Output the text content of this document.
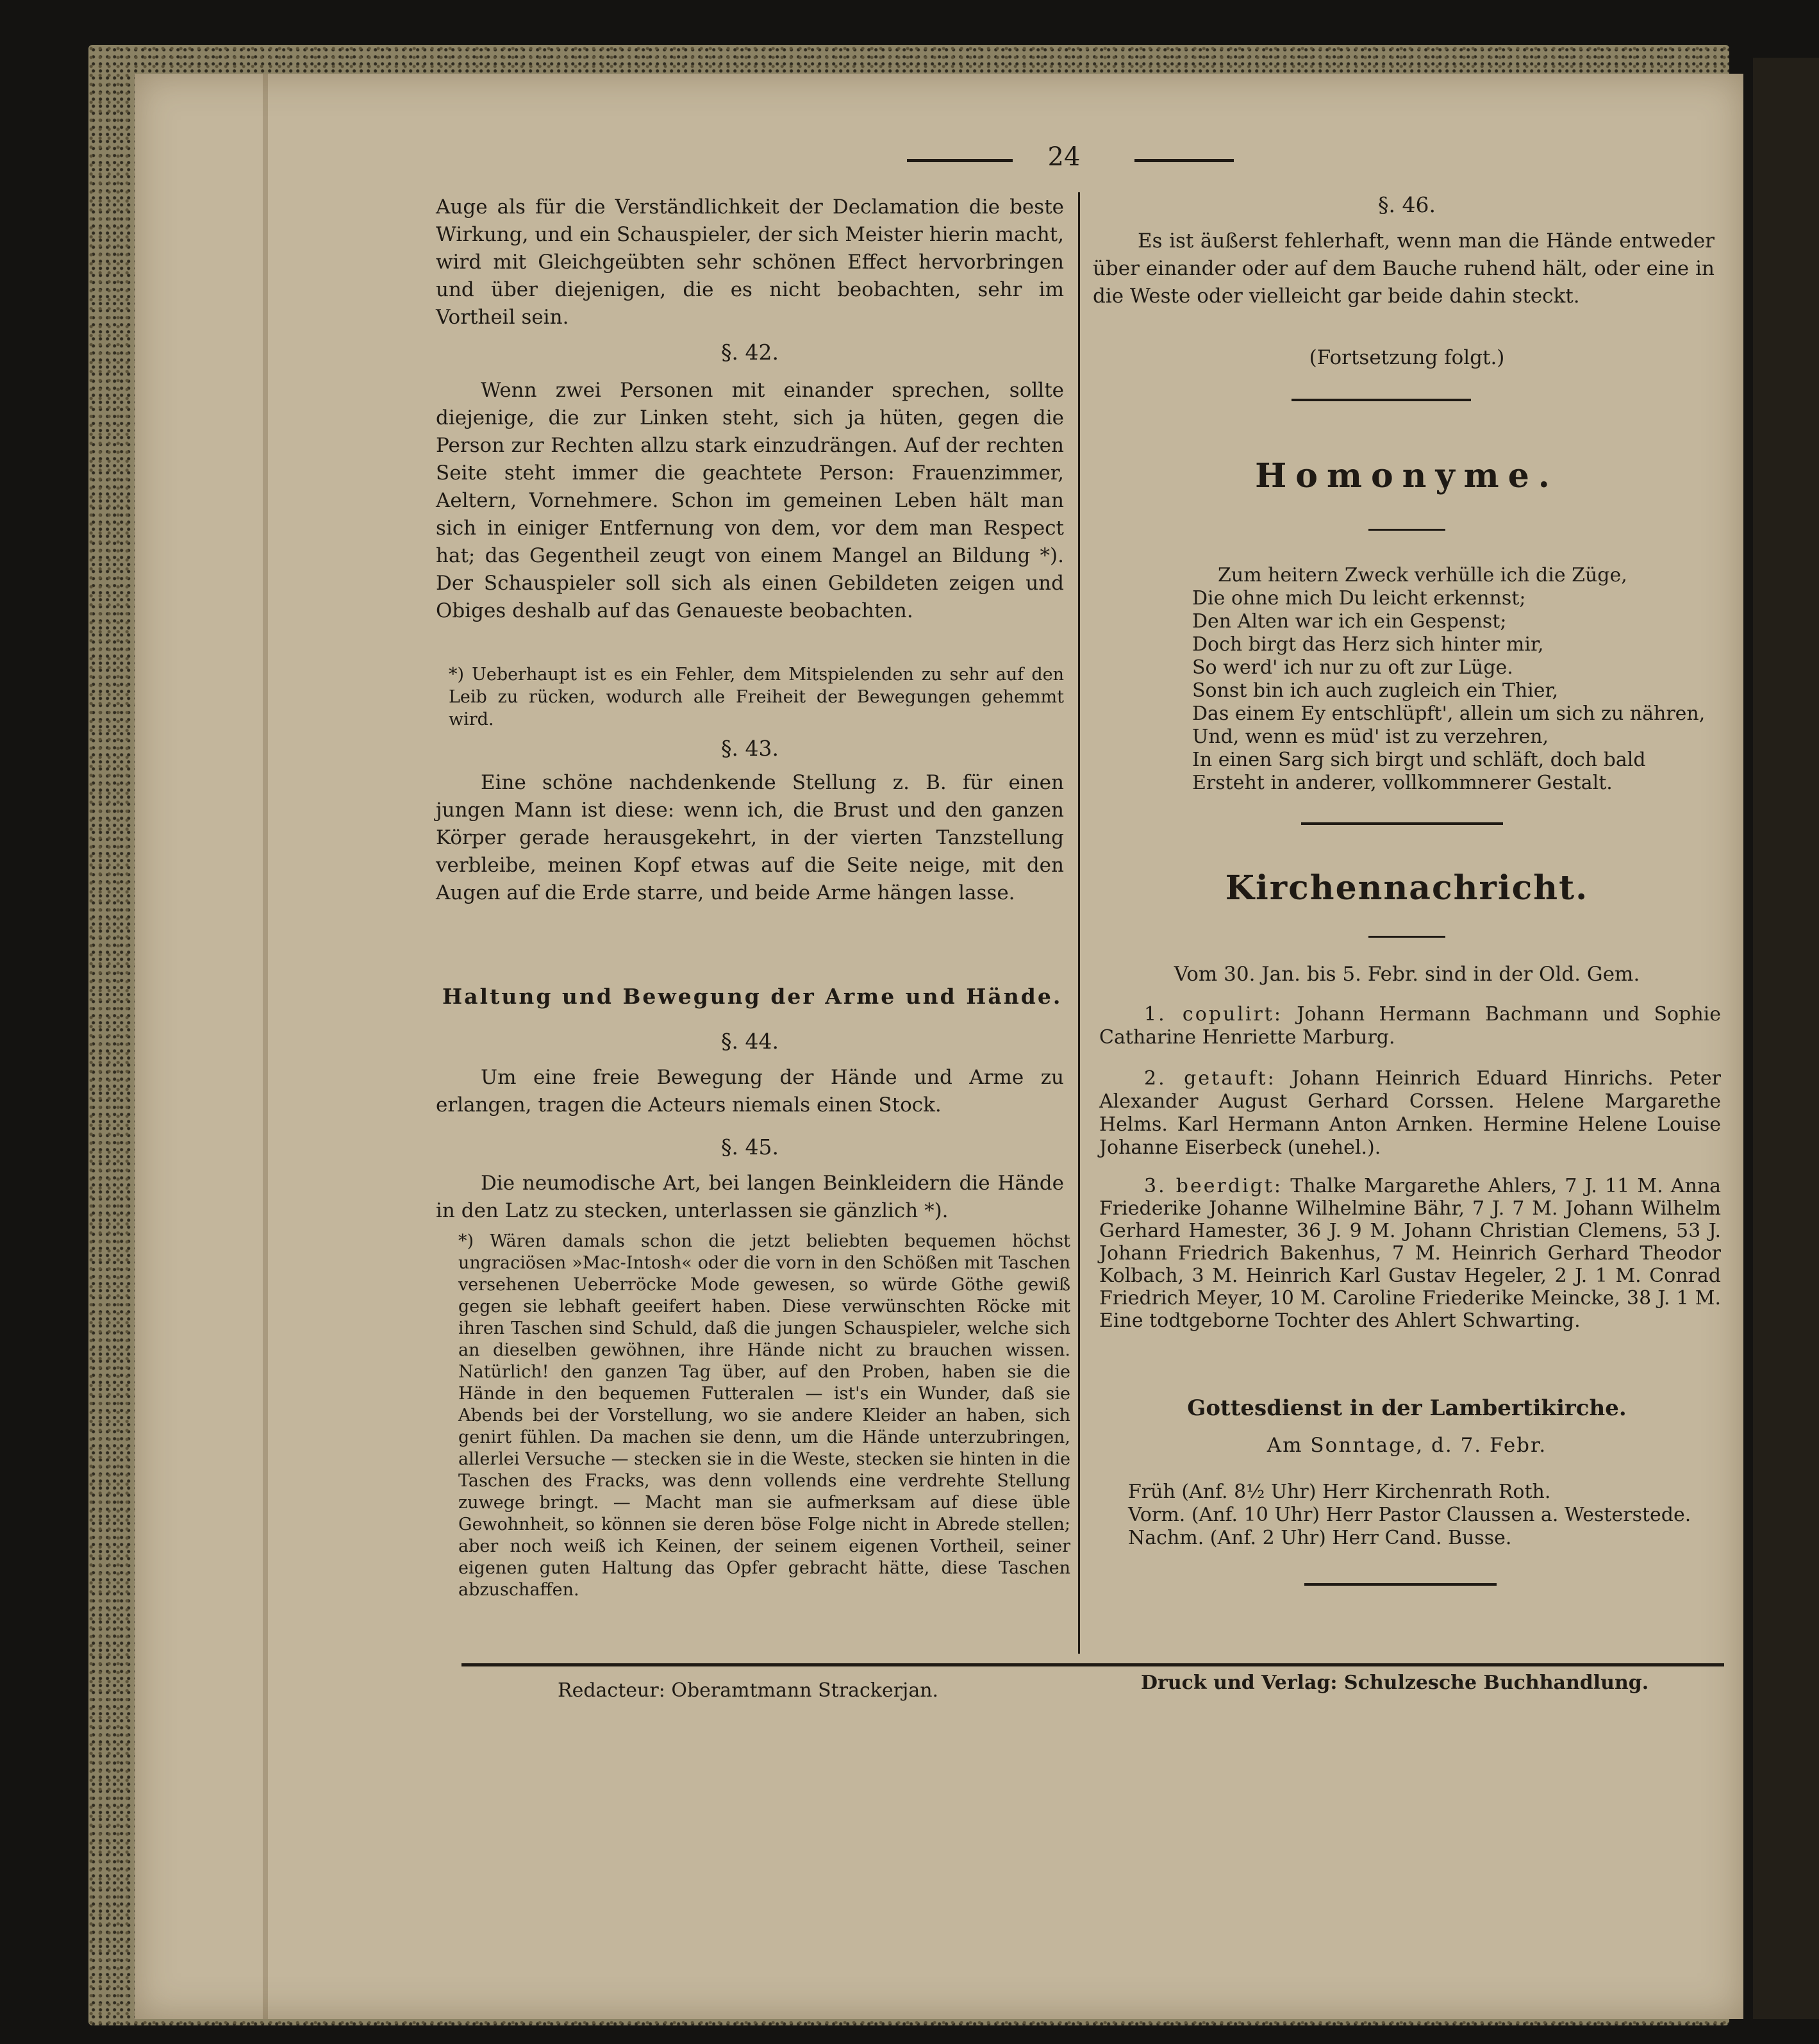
24
Auge als für die Verständlichkeit der Declamation die beste Wirkung, und ein Schauspieler, der sich Meister hierin macht, wird mit Gleichgeübten sehr schönen Effect hervorbringen und über diejenigen, die es nicht beobachten, sehr im Vortheil sein.
§. 42.
Wenn zwei Personen mit einander sprechen, sollte diejenige, die zur Linken steht, sich ja hüten, gegen die Person zur Rechten allzu stark einzudrängen. Auf der rechten Seite steht immer die geachtete Person: Frauenzimmer, Aeltern, Vornehmere. Schon im gemeinen Leben hält man sich in einiger Entfernung von dem, vor dem man Respect hat; das Gegentheil zeugt von einem Mangel an Bildung *). Der Schauspieler soll sich als einen Gebildeten zeigen und Obiges deshalb auf das Genaueste beobachten.
*) Ueberhaupt ist es ein Fehler, dem Mitspielenden zu sehr auf den Leib zu rücken, wodurch alle Freiheit der Bewegungen gehemmt wird.
§. 43.
Eine schöne nachdenkende Stellung z. B. für einen jungen Mann ist diese: wenn ich, die Brust und den ganzen Körper gerade herausgekehrt, in der vierten Tanzstellung verbleibe, meinen Kopf etwas auf die Seite neige, mit den Augen auf die Erde starre, und beide Arme hängen lasse.
Haltung und Bewegung der Arme und Hände.
§. 44.
Um eine freie Bewegung der Hände und Arme zu erlangen, tragen die Acteurs niemals einen Stock.
§. 45.
Die neumodische Art, bei langen Beinkleidern die Hände in den Latz zu stecken, unterlassen sie gänzlich *).
*) Wären damals schon die jetzt beliebten bequemen höchst ungraciösen »Mac-Intosh« oder die vorn in den Schößen mit Taschen versehenen Ueberröcke Mode gewesen, so würde Göthe gewiß gegen sie lebhaft geeifert haben. Diese verwünschten Röcke mit ihren Taschen sind Schuld, daß die jungen Schauspieler, welche sich an dieselben gewöhnen, ihre Hände nicht zu brauchen wissen. Natürlich! den ganzen Tag über, auf den Proben, haben sie die Hände in den bequemen Futteralen — ist's ein Wunder, daß sie Abends bei der Vorstellung, wo sie andere Kleider an haben, sich genirt fühlen. Da machen sie denn, um die Hände unterzubringen, allerlei Versuche — stecken sie in die Weste, stecken sie hinten in die Taschen des Fracks, was denn vollends eine verdrehte Stellung zuwege bringt. — Macht man sie aufmerksam auf diese üble Gewohnheit, so können sie deren böse Folge nicht in Abrede stellen; aber noch weiß ich Keinen, der seinem eigenen Vortheil, seiner eigenen guten Haltung das Opfer gebracht hätte, diese Taschen abzuschaffen.
§. 46.
Es ist äußerst fehlerhaft, wenn man die Hände entweder über einander oder auf dem Bauche ruhend hält, oder eine in die Weste oder vielleicht gar beide dahin steckt.
(Fortsetzung folgt.)
Homonyme.
Zum heitern Zweck verhülle ich die Züge,
Die ohne mich Du leicht erkennst;
Den Alten war ich ein Gespenst;
Doch birgt das Herz sich hinter mir,
So werd' ich nur zu oft zur Lüge.
Sonst bin ich auch zugleich ein Thier,
Das einem Ey entschlüpft', allein um sich zu nähren,
Und, wenn es müd' ist zu verzehren,
In einen Sarg sich birgt und schläft, doch bald
Ersteht in anderer, vollkommnerer Gestalt.
Kirchennachricht.
Vom 30. Jan. bis 5. Febr. sind in der Old. Gem.
1. copulirt: Johann Hermann Bachmann und Sophie Catharine Henriette Marburg.
2. getauft: Johann Heinrich Eduard Hinrichs. Peter Alexander August Gerhard Corssen. Helene Margarethe Helms. Karl Hermann Anton Arnken. Hermine Helene Louise Johanne Eiserbeck (unehel.).
3. beerdigt: Thalke Margarethe Ahlers, 7 J. 11 M. Anna Friederike Johanne Wilhelmine Bähr, 7 J. 7 M. Johann Wilhelm Gerhard Hamester, 36 J. 9 M. Johann Christian Clemens, 53 J. Johann Friedrich Bakenhus, 7 M. Heinrich Gerhard Theodor Kolbach, 3 M. Heinrich Karl Gustav Hegeler, 2 J. 1 M. Conrad Friedrich Meyer, 10 M. Caroline Friederike Meincke, 38 J. 1 M. Eine todtgeborne Tochter des Ahlert Schwarting.
Gottesdienst in der Lambertikirche.
Am Sonntage, d. 7. Febr.
Früh (Anf. 8½ Uhr) Herr Kirchenrath Roth.
Vorm. (Anf. 10 Uhr) Herr Pastor Claussen a. Westerstede.
Nachm. (Anf. 2 Uhr) Herr Cand. Busse.
Redacteur: Oberamtmann Strackerjan.	Druck und Verlag: Schulzesche Buchhandlung.
